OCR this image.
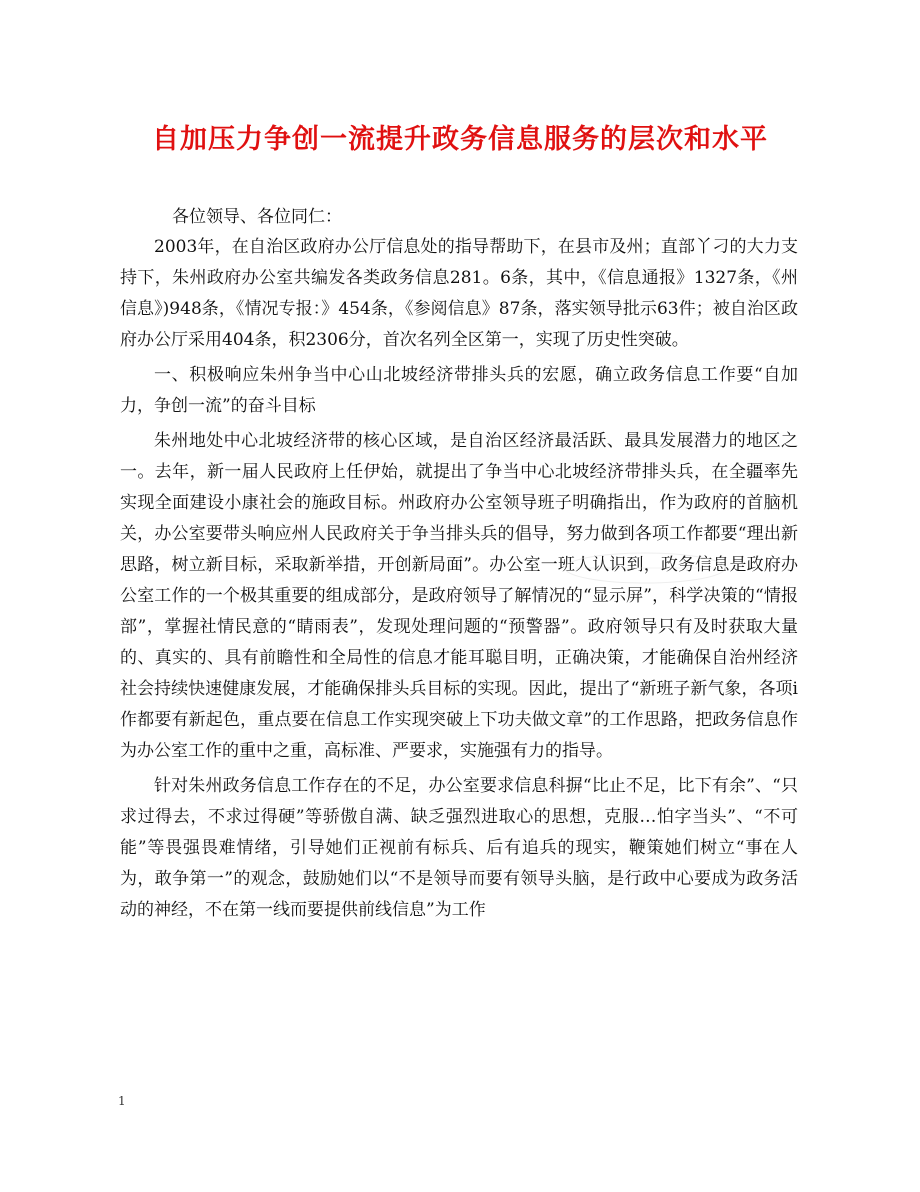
自加压力争创一流提升政务信息服务的层次和水平
各位领导、各位同仁：

2003年，在自治区政府办公厅信息处的指导帮助下，在县市及州；直部丫刁的大力支持下，朱州政府办公室共编发各类政务信息281。6条，其中，《信息通报》1327条，《州信息》)948条，《情况专报：》454条，《参阅信息》87条，落实领导批示63件；被自治区政府办公厅采用404条，积2306分，首次名列全区第一，实现了历史性突破。

一、积极响应朱州争当中心山北坡经济带排头兵的宏愿，确立政务信息工作要“自加力，争创一流”的奋斗目标

朱州地处中心北坡经济带的核心区域，是自治区经济最活跃、最具发展潜力的地区之一。去年，新一届人民政府上任伊始，就提出了争当中心北坡经济带排头兵，在全疆率先实现全面建设小康社会的施政目标。州政府办公室领导班子明确指出，作为政府的首脑机关，办公室要带头响应州人民政府关于争当排头兵的倡导，努力做到各项工作都要“理出新思路，树立新目标，采取新举措，开创新局面”。办公室一班人认识到，政务信息是政府办公室工作的一个极其重要的组成部分，是政府领导了解情况的“显示屏”，科学决策的“情报部”，掌握社情民意的“睛雨表”，发现处理问题的“预警器”。政府领导只有及时获取大量的、真实的、具有前瞻性和全局性的信息才能耳聪目明，正确决策，才能确保自治州经济社会持续快速健康发展，才能确保排头兵目标的实现。因此，提出了“新班子新气象，各项i作都要有新起色，重点要在信息工作实现突破上下功夫做文章”的工作思路，把政务信息作为办公室工作的重中之重，高标准、严要求，实施强有力的指导。

针对朱州政务信息工作存在的不足，办公室要求信息科摒“比止不足，比下有余”、“只求过得去，不求过得硬”等骄傲自满、缺乏强烈进取心的思想，克服…怕字当头”、“不可能”等畏强畏难情绪，引导她们正视前有标兵、后有追兵的现实，鞭策她们树立“事在人为，敢争第一”的观念，鼓励她们以“不是领导而要有领导头脑，是行政中心要成为政务活动的神经，不在第一线而要提供前线信息”为工作

1
